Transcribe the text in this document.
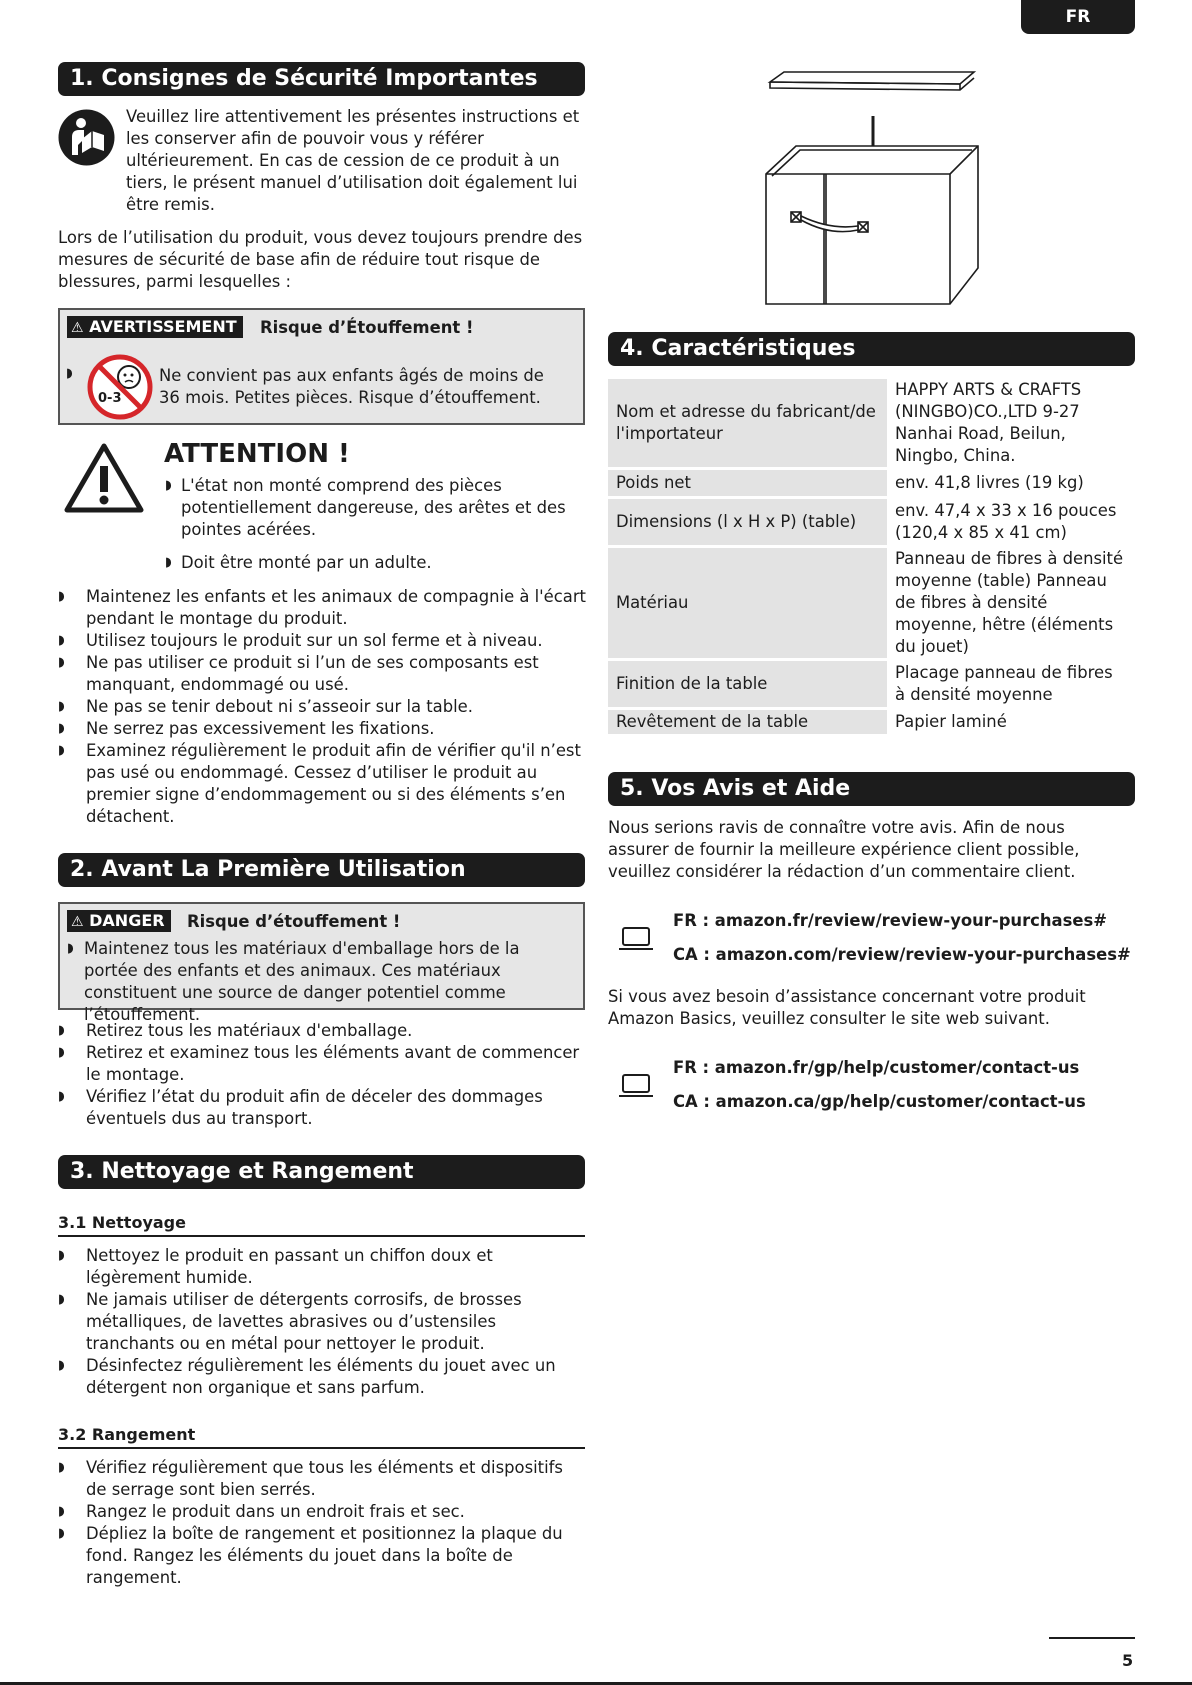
FR
1. Consignes de Sécurité Importantes
Veuillez lire attentivement les présentes instructions et les conserver afin de pouvoir vous y référer ultérieurement. En cas de cession de ce produit à un tiers, le présent manuel d’utilisation doit également lui être remis.
Lors de l’utilisation du produit, vous devez toujours prendre des mesures de sécurité de base afin de réduire tout risque de blessures, parmi lesquelles :
⚠ AVERTISSEMENT	Risque d’Étouffement !
◗
0-3
Ne convient pas aux enfants âgés de moins de 36 mois. Petites pièces. Risque d’étouffement.
ATTENTION !
◗ L'état non monté comprend des pièces potentiellement dangereuse, des arêtes et des pointes acérées.
◗ Doit être monté par un adulte.
◗ Maintenez les enfants et les animaux de compagnie à l'écart pendant le montage du produit.
◗ Utilisez toujours le produit sur un sol ferme et à niveau.
◗ Ne pas utiliser ce produit si l’un de ses composants est manquant, endommagé ou usé.
◗ Ne pas se tenir debout ni s’asseoir sur la table.
◗ Ne serrez pas excessivement les fixations.
◗ Examinez régulièrement le produit afin de vérifier qu'il n’est pas usé ou endommagé. Cessez d’utiliser le produit au premier signe d’endommagement ou si des éléments s’en détachent.
2. Avant La Première Utilisation
⚠ DANGER	Risque d’étouffement !
◗ Maintenez tous les matériaux d'emballage hors de la portée des enfants et des animaux. Ces matériaux constituent une source de danger potentiel comme l’étouffement.
◗ Retirez tous les matériaux d'emballage.
◗ Retirez et examinez tous les éléments avant de commencer le montage.
◗ Vérifiez l’état du produit afin de déceler des dommages éventuels dus au transport.
3. Nettoyage et Rangement
3.1 Nettoyage
◗ Nettoyez le produit en passant un chiffon doux et légèrement humide.
◗ Ne jamais utiliser de détergents corrosifs, de brosses métalliques, de lavettes abrasives ou d’ustensiles tranchants ou en métal pour nettoyer le produit.
◗ Désinfectez régulièrement les éléments du jouet avec un détergent non organique et sans parfum.
3.2 Rangement
◗ Vérifiez régulièrement que tous les éléments et dispositifs de serrage sont bien serrés.
◗ Rangez le produit dans un endroit frais et sec.
◗ Dépliez la boîte de rangement et positionnez la plaque du fond. Rangez les éléments du jouet dans la boîte de rangement.
4. Caractéristiques
Nom et adresse du fabricant/de l'importateur	HAPPY ARTS & CRAFTS (NINGBO)CO.,LTD 9-27 Nanhai Road, Beilun, Ningbo, China.
Poids net	env. 41,8 livres (19 kg)
Dimensions (l x H x P) (table)	env. 47,4 x 33 x 16 pouces (120,4 x 85 x 41 cm)
Matériau	Panneau de fibres à densité moyenne (table) Panneau de fibres à densité moyenne, hêtre (éléments du jouet)
Finition de la table	Placage panneau de fibres à densité moyenne
Revêtement de la table	Papier laminé
5. Vos Avis et Aide
Nous serions ravis de connaître votre avis. Afin de nous assurer de fournir la meilleure expérience client possible, veuillez considérer la rédaction d’un commentaire client.
FR : amazon.fr/review/review-your-purchases#
CA : amazon.com/review/review-your-purchases#
Si vous avez besoin d’assistance concernant votre produit Amazon Basics, veuillez consulter le site web suivant.
FR : amazon.fr/gp/help/customer/contact-us
CA : amazon.ca/gp/help/customer/contact-us
5
